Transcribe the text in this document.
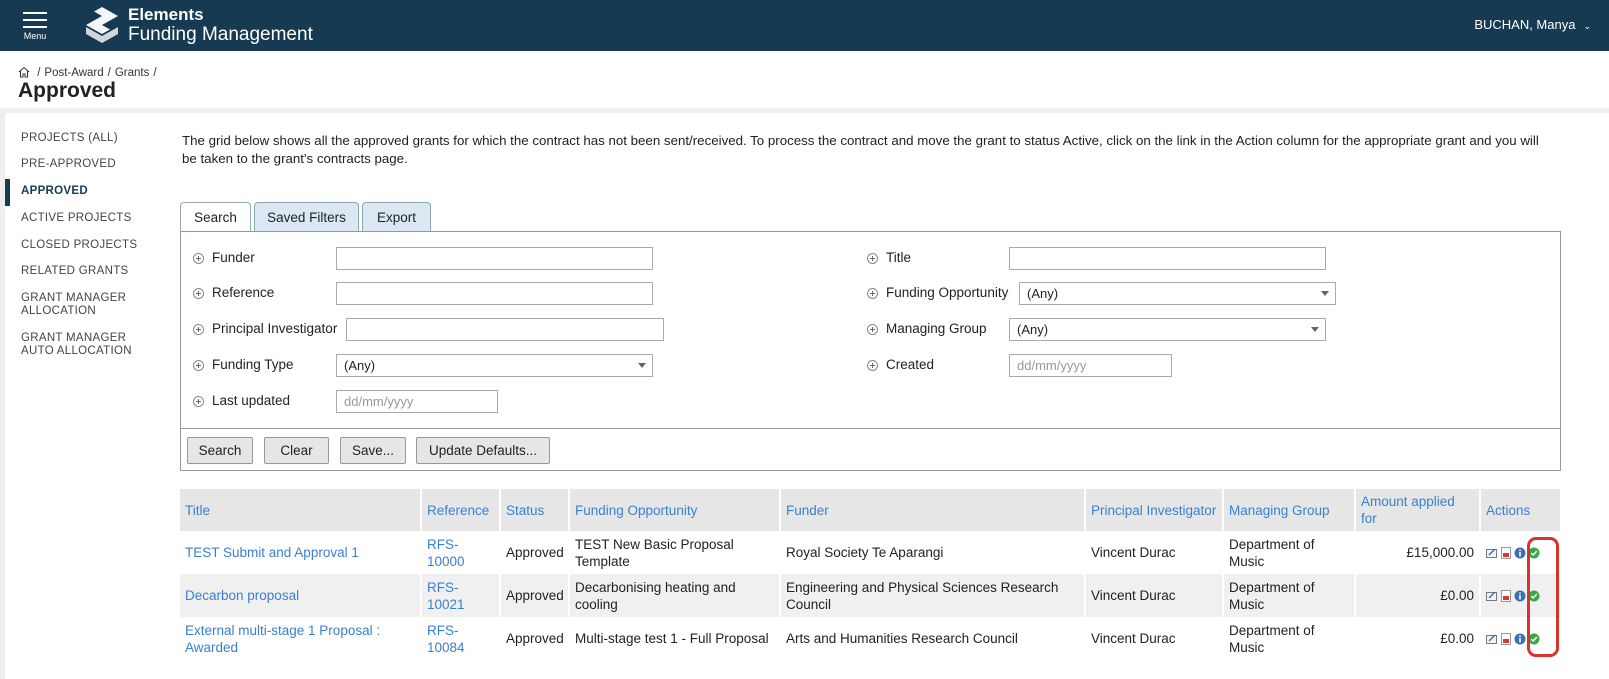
Menu
Elements
Funding Management	BUCHAN, Manya ⌄
/ Post-Award / Grants /
Approved
PROJECTS (ALL)
PRE-APPROVED
APPROVED
ACTIVE PROJECTS
CLOSED PROJECTS
RELATED GRANTS
GRANT MANAGER ALLOCATION
GRANT MANAGER AUTO ALLOCATION
The grid below shows all the approved grants for which the contract has not been sent/received. To process the contract and move the grant to status Active, click on the link in the Action column for the appropriate grant and you will be taken to the grant's contracts page.
Search	Saved Filters	Export
Funder
Reference
Principal Investigator
Funding Type	(Any)
Last updated
dd/mm/yyyy
Title
Funding Opportunity	(Any)
Managing Group	(Any)
Created
dd/mm/yyyy
Search	Clear	Save...	Update Defaults...
Title	Reference	Status	Funding Opportunity	Funder	Principal Investigator	Managing Group	Amount applied for	Actions
TEST Submit and Approval 1	RFS-10000	Approved	TEST New Basic Proposal Template	Royal Society Te Aparangi	Vincent Durac	Department of Music	£15,000.00	
Decarbon proposal	RFS-10021	Approved	Decarbonising heating and cooling	Engineering and Physical Sciences Research Council	Vincent Durac	Department of Music	£0.00	
External multi-stage 1 Proposal : Awarded	RFS-10084	Approved	Multi-stage test 1 - Full Proposal	Arts and Humanities Research Council	Vincent Durac	Department of Music	£0.00	
